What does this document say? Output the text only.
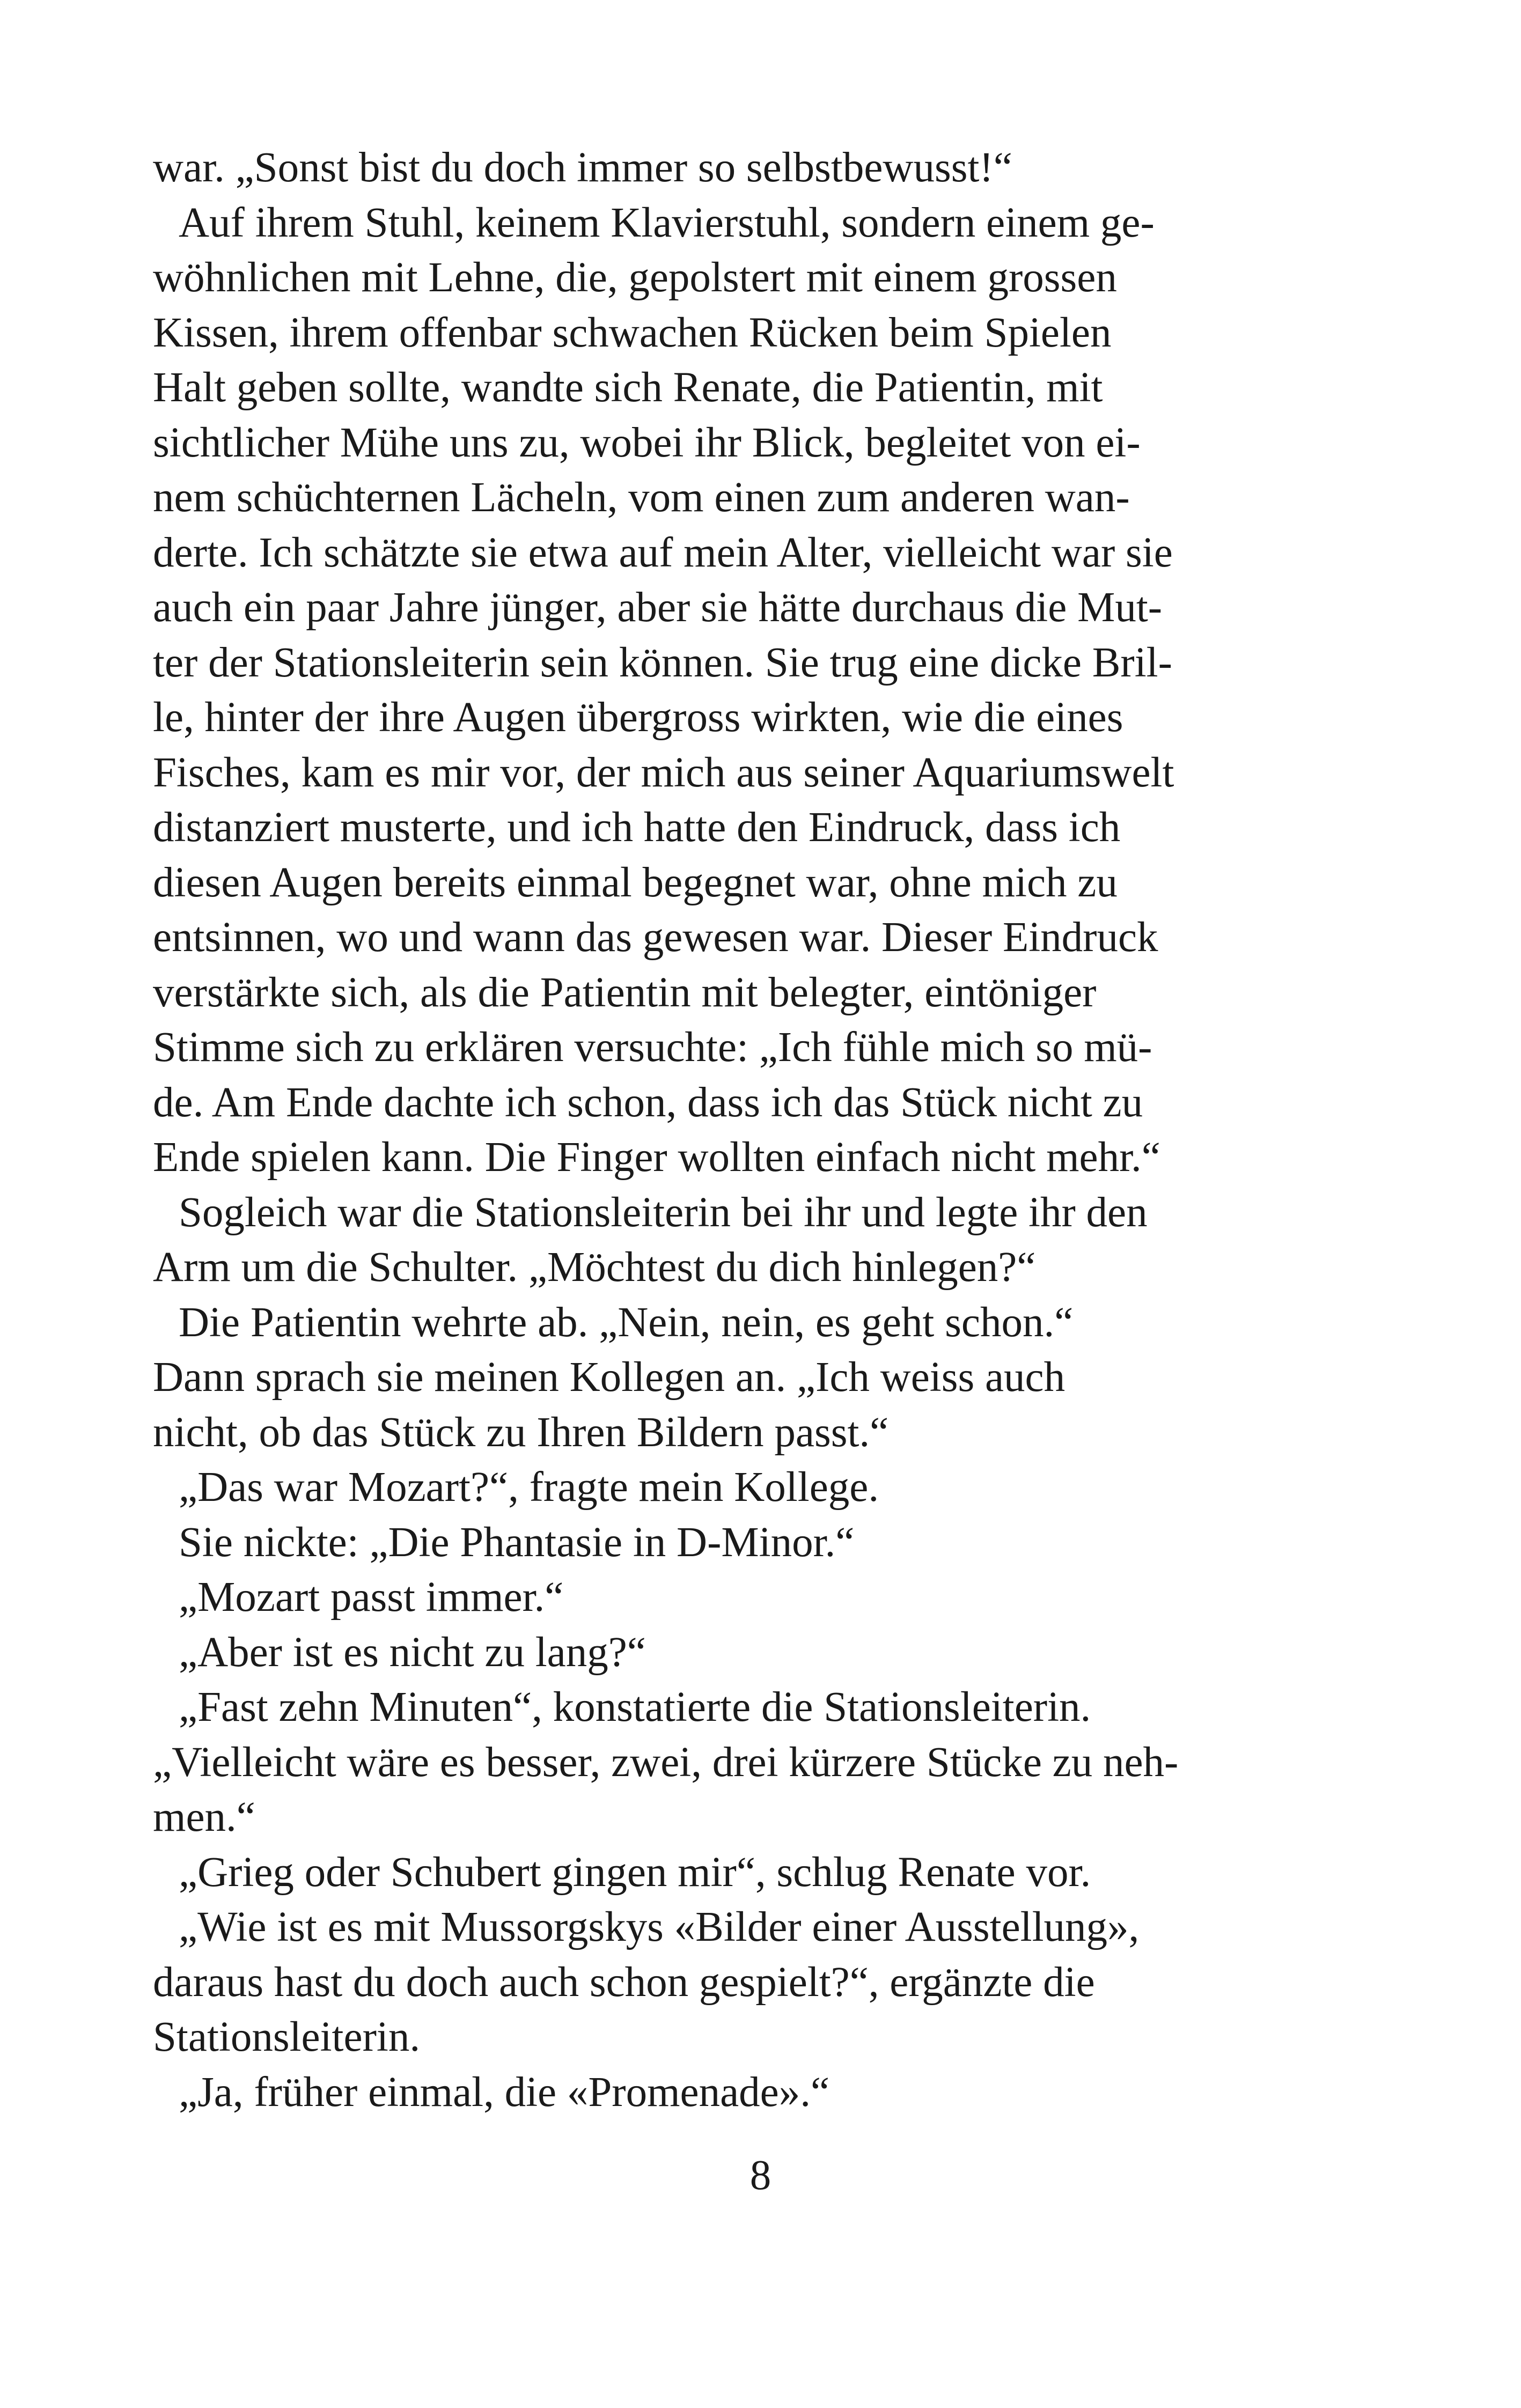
war. „Sonst bist du doch immer so selbstbewusst!“
Auf ihrem Stuhl, keinem Klavierstuhl, sondern einem ge-
wöhnlichen mit Lehne, die, gepolstert mit einem grossen
Kissen, ihrem offenbar schwachen Rücken beim Spielen
Halt geben sollte, wandte sich Renate, die Patientin, mit
sichtlicher Mühe uns zu, wobei ihr Blick, begleitet von ei-
nem schüchternen Lächeln, vom einen zum anderen wan-
derte. Ich schätzte sie etwa auf mein Alter, vielleicht war sie
auch ein paar Jahre jünger, aber sie hätte durchaus die Mut-
ter der Stationsleiterin sein können. Sie trug eine dicke Bril-
le, hinter der ihre Augen übergross wirkten, wie die eines
Fisches, kam es mir vor, der mich aus seiner Aquariumswelt
distanziert musterte, und ich hatte den Eindruck, dass ich
diesen Augen bereits einmal begegnet war, ohne mich zu
entsinnen, wo und wann das gewesen war. Dieser Eindruck
verstärkte sich, als die Patientin mit belegter, eintöniger
Stimme sich zu erklären versuchte: „Ich fühle mich so mü-
de. Am Ende dachte ich schon, dass ich das Stück nicht zu
Ende spielen kann. Die Finger wollten einfach nicht mehr.“
Sogleich war die Stationsleiterin bei ihr und legte ihr den
Arm um die Schulter. „Möchtest du dich hinlegen?“
Die Patientin wehrte ab. „Nein, nein, es geht schon.“
Dann sprach sie meinen Kollegen an. „Ich weiss auch
nicht, ob das Stück zu Ihren Bildern passt.“
„Das war Mozart?“, fragte mein Kollege.
Sie nickte: „Die Phantasie in D-Minor.“
„Mozart passt immer.“
„Aber ist es nicht zu lang?“
„Fast zehn Minuten“, konstatierte die Stationsleiterin.
„Vielleicht wäre es besser, zwei, drei kürzere Stücke zu neh-
men.“
„Grieg oder Schubert gingen mir“, schlug Renate vor.
„Wie ist es mit Mussorgskys «Bilder einer Ausstellung»,
daraus hast du doch auch schon gespielt?“, ergänzte die
Stationsleiterin.
„Ja, früher einmal, die «Promenade».“
8
